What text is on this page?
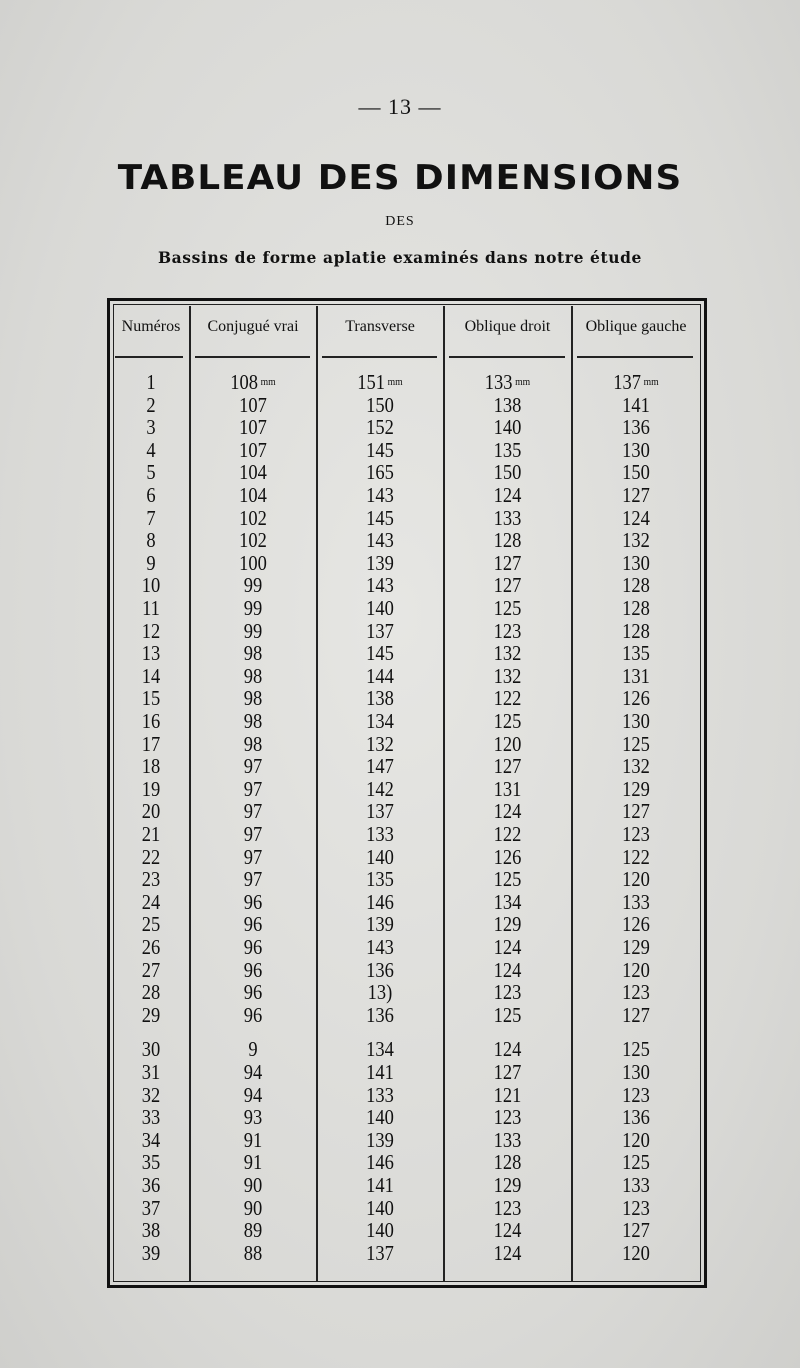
— 13 —
TABLEAU DES DIMENSIONS
DES
Bassins de forme aplatie examinés dans notre étude
Numéros	Conjugué vrai	Transverse	Oblique droit	Oblique gauche
1	108 $^{mm}$	151 $^{mm}$	133 $^{mm}$	137 $^{mm}$
2	107	150	138	141
3	107	152	140	136
4	107	145	135	130
5	104	165	150	150
6	104	143	124	127
7	102	145	133	124
8	102	143	128	132
9	100	139	127	130
10	99	143	127	128
11	99	140	125	128
12	99	137	123	128
13	98	145	132	135
14	98	144	132	131
15	98	138	122	126
16	98	134	125	130
17	98	132	120	125
18	97	147	127	132
19	97	142	131	129
20	97	137	124	127
21	97	133	122	123
22	97	140	126	122
23	97	135	125	120
24	96	146	134	133
25	96	139	129	126
26	96	143	124	129
27	96	136	124	120
28	96	13)	123	123
29	96	136	125	127
30	9	134	124	125
31	94	141	127	130
32	94	133	121	123
33	93	140	123	136
34	91	139	133	120
35	91	146	128	125
36	90	141	129	133
37	90	140	123	123
38	89	140	124	127
39	88	137	124	120
